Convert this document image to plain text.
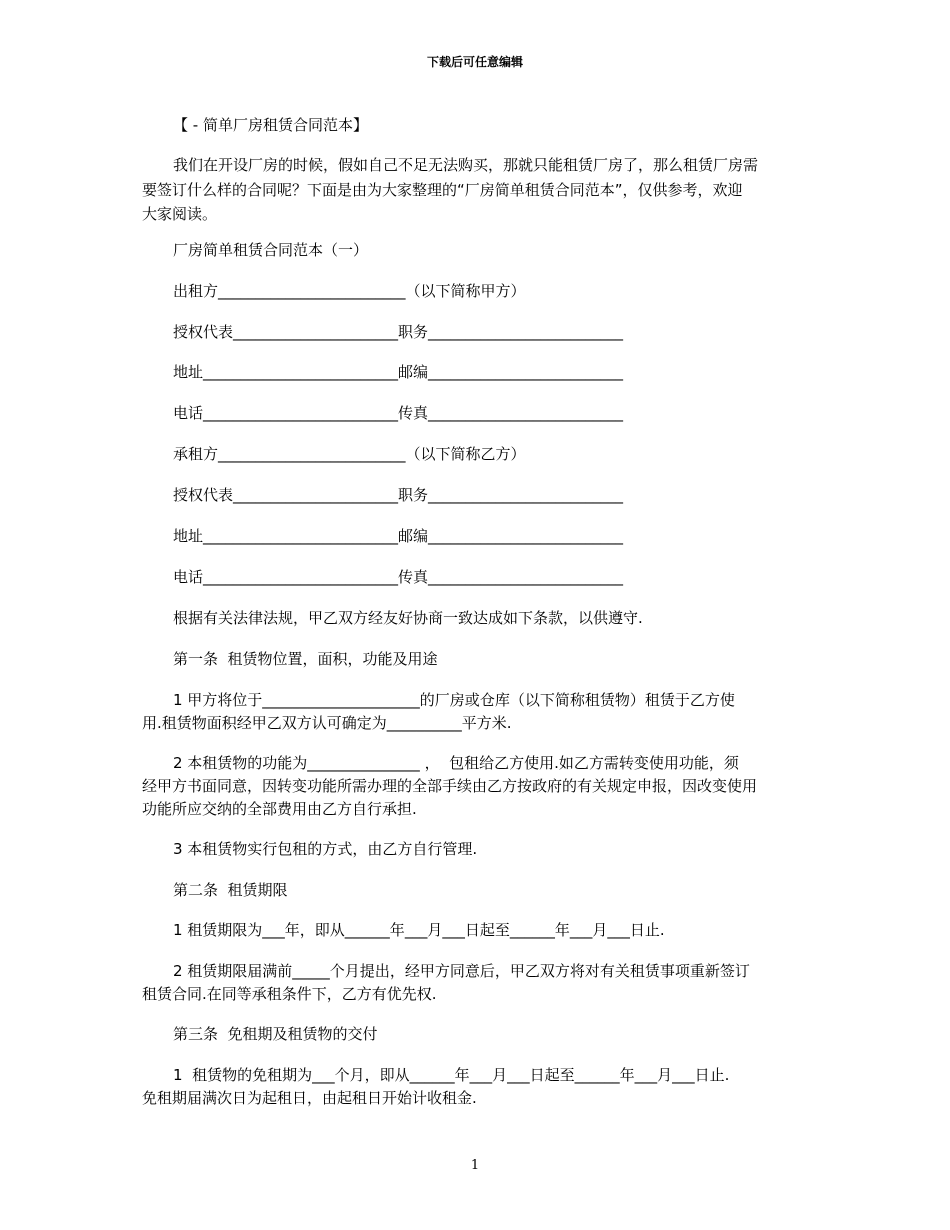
下载后可任意编辑
【 - 简单厂房租赁合同范本】
我们在开设厂房的时候，假如自己不足无法购买，那就只能租赁厂房了，那么租赁厂房需
要签订什么样的合同呢？下面是由为大家整理的“厂房简单租赁合同范本”，仅供参考，欢迎
大家阅读。
厂房简单租赁合同范本（一）
出租方_________________________（以下简称甲方）
授权代表______________________职务__________________________
地址__________________________邮编__________________________
电话__________________________传真__________________________
承租方_________________________（以下简称乙方）
授权代表______________________职务__________________________
地址__________________________邮编__________________________
电话__________________________传真__________________________
根据有关法律法规，甲乙双方经友好协商一致达成如下条款，以供遵守.
第一条  租赁物位置，面积，功能及用途
1 甲方将位于_____________________的厂房或仓库（以下简称租赁物）租赁于乙方使
用.租赁物面积经甲乙双方认可确定为__________平方米.
2 本租赁物的功能为_______________ ，  包租给乙方使用.如乙方需转变使用功能，须
经甲方书面同意，因转变功能所需办理的全部手续由乙方按政府的有关规定申报，因改变使用
功能所应交纳的全部费用由乙方自行承担.
3 本租赁物实行包租的方式，由乙方自行管理.
第二条  租赁期限
1 租赁期限为___年，即从______年___月___日起至______年___月___日止.
2 租赁期限届满前_____个月提出，经甲方同意后，甲乙双方将对有关租赁事项重新签订
租赁合同.在同等承租条件下，乙方有优先权.
第三条  免租期及租赁物的交付
1  租赁物的免租期为___个月，即从______年___月___日起至______年___月___日止.
免租期届满次日为起租日，由起租日开始计收租金.
1
